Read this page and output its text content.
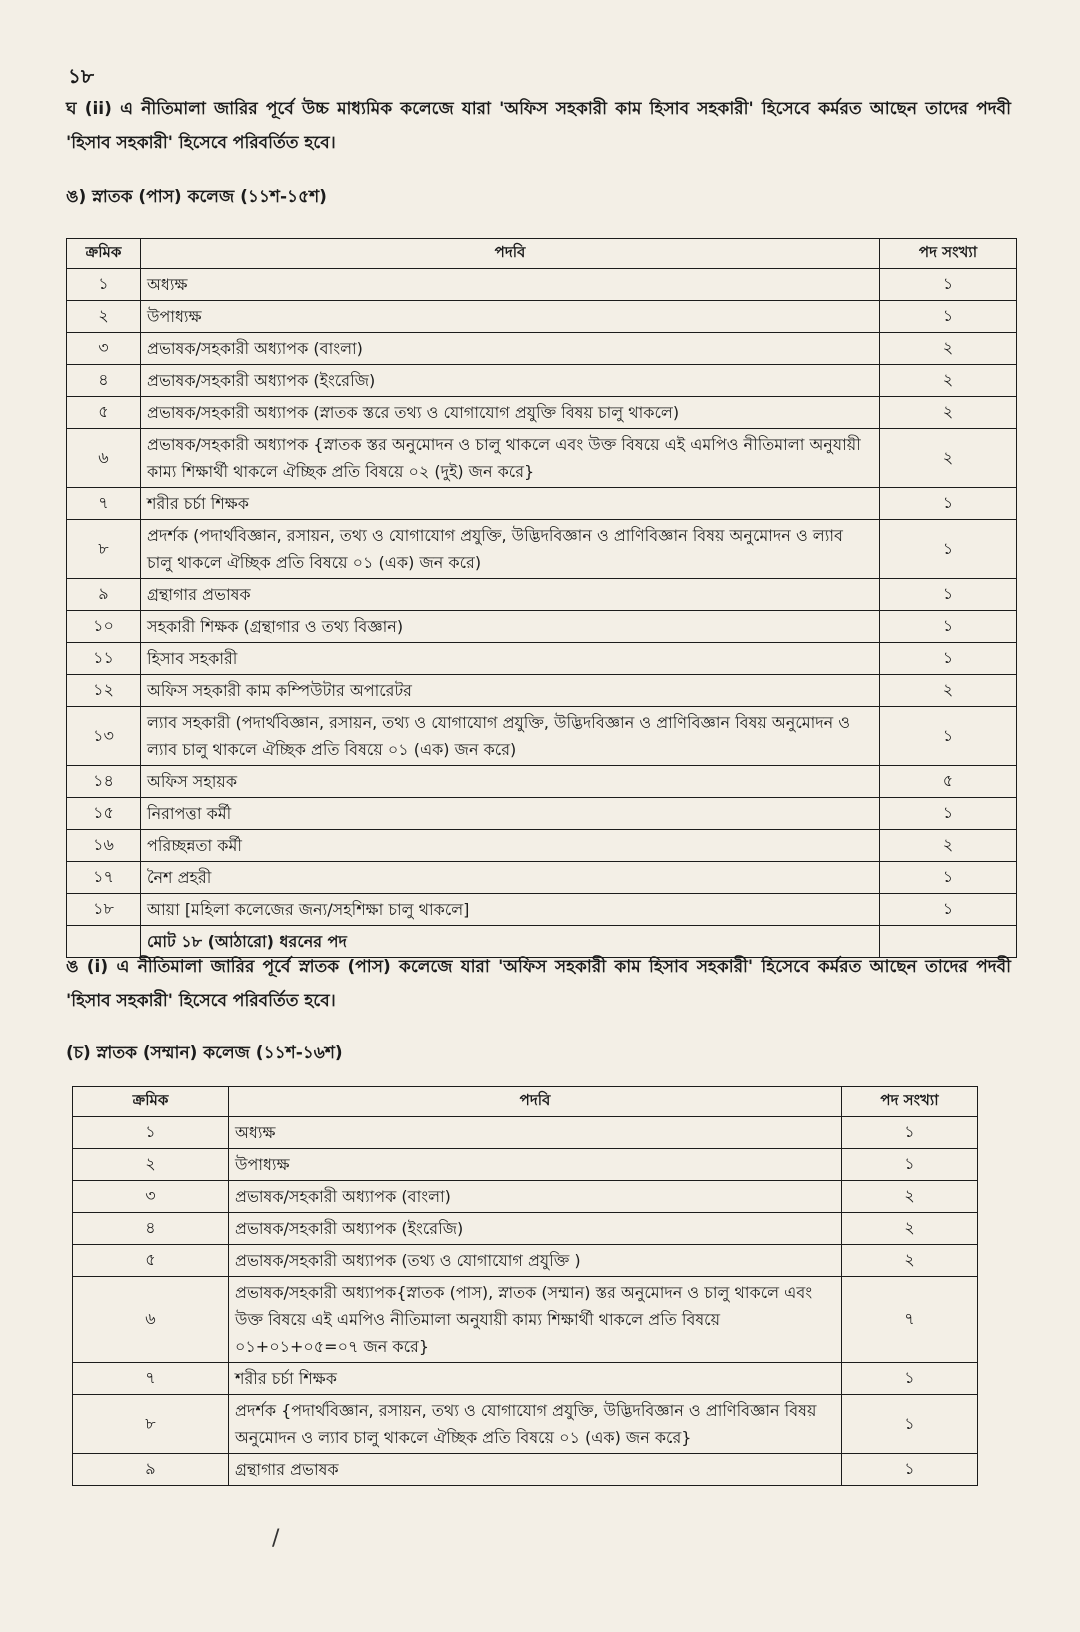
১৮
ঘ (ii) এ নীতিমালা জারির পূর্বে উচ্চ মাধ্যমিক কলেজে যারা 'অফিস সহকারী কাম হিসাব সহকারী' হিসেবে কর্মরত আছেন তাদের পদবী 'হিসাব সহকারী' হিসেবে পরিবর্তিত হবে।
ঙ) স্নাতক (পাস) কলেজ (১১শ-১৫শ)
ক্রমিক	পদবি	পদ সংখ্যা
১	অধ্যক্ষ	১
২	উপাধ্যক্ষ	১
৩	প্রভাষক/সহকারী অধ্যাপক (বাংলা)	২
৪	প্রভাষক/সহকারী অধ্যাপক (ইংরেজি)	২
৫	প্রভাষক/সহকারী অধ্যাপক (স্নাতক স্তরে তথ্য ও যোগাযোগ প্রযুক্তি বিষয় চালু থাকলে)	২
৬	প্রভাষক/সহকারী অধ্যাপক {স্নাতক স্তর অনুমোদন ও চালু থাকলে এবং উক্ত বিষয়ে এই এমপিও নীতিমালা অনুযায়ী কাম্য শিক্ষার্থী থাকলে ঐচ্ছিক প্রতি বিষয়ে ০২ (দুই) জন করে}	২
৭	শরীর চর্চা শিক্ষক	১
৮	প্রদর্শক (পদার্থবিজ্ঞান, রসায়ন, তথ্য ও যোগাযোগ প্রযুক্তি, উদ্ভিদবিজ্ঞান ও প্রাণিবিজ্ঞান বিষয় অনুমোদন ও ল্যাব চালু থাকলে ঐচ্ছিক প্রতি বিষয়ে ০১ (এক) জন করে)	১
৯	গ্রন্থাগার প্রভাষক	১
১০	সহকারী শিক্ষক (গ্রন্থাগার ও তথ্য বিজ্ঞান)	১
১১	হিসাব সহকারী	১
১২	অফিস সহকারী কাম কম্পিউটার অপারেটর	২
১৩	ল্যাব সহকারী (পদার্থবিজ্ঞান, রসায়ন, তথ্য ও যোগাযোগ প্রযুক্তি, উদ্ভিদবিজ্ঞান ও প্রাণিবিজ্ঞান বিষয় অনুমোদন ও ল্যাব চালু থাকলে ঐচ্ছিক প্রতি বিষয়ে ০১ (এক) জন করে)	১
১৪	অফিস সহায়ক	৫
১৫	নিরাপত্তা কর্মী	১
১৬	পরিচ্ছন্নতা কর্মী	২
১৭	নৈশ প্রহরী	১
১৮	আয়া [মহিলা কলেজের জন্য/সহশিক্ষা চালু থাকলে]	১
	মোট ১৮ (আঠারো) ধরনের পদ	
ঙ (i) এ নীতিমালা জারির পূর্বে স্নাতক (পাস) কলেজে যারা 'অফিস সহকারী কাম হিসাব সহকারী' হিসেবে কর্মরত আছেন তাদের পদবী 'হিসাব সহকারী' হিসেবে পরিবর্তিত হবে।
(চ) স্নাতক (সম্মান) কলেজ (১১শ-১৬শ)
ক্রমিক	পদবি	পদ সংখ্যা
১	অধ্যক্ষ	১
২	উপাধ্যক্ষ	১
৩	প্রভাষক/সহকারী অধ্যাপক (বাংলা)	২
৪	প্রভাষক/সহকারী অধ্যাপক (ইংরেজি)	২
৫	প্রভাষক/সহকারী অধ্যাপক (তথ্য ও যোগাযোগ প্রযুক্তি )	২
৬	প্রভাষক/সহকারী অধ্যাপক{স্নাতক (পাস), স্নাতক (সম্মান) স্তর অনুমোদন ও চালু থাকলে এবং উক্ত বিষয়ে এই এমপিও নীতিমালা অনুযায়ী কাম্য শিক্ষার্থী থাকলে প্রতি বিষয়ে ০১+০১+০৫=০৭ জন করে}	৭
৭	শরীর চর্চা শিক্ষক	১
৮	প্রদর্শক {পদার্থবিজ্ঞান, রসায়ন, তথ্য ও যোগাযোগ প্রযুক্তি, উদ্ভিদবিজ্ঞান ও প্রাণিবিজ্ঞান বিষয় অনুমোদন ও ল্যাব চালু থাকলে ঐচ্ছিক প্রতি বিষয়ে ০১ (এক) জন করে}	১
৯	গ্রন্থাগার প্রভাষক	১
/
